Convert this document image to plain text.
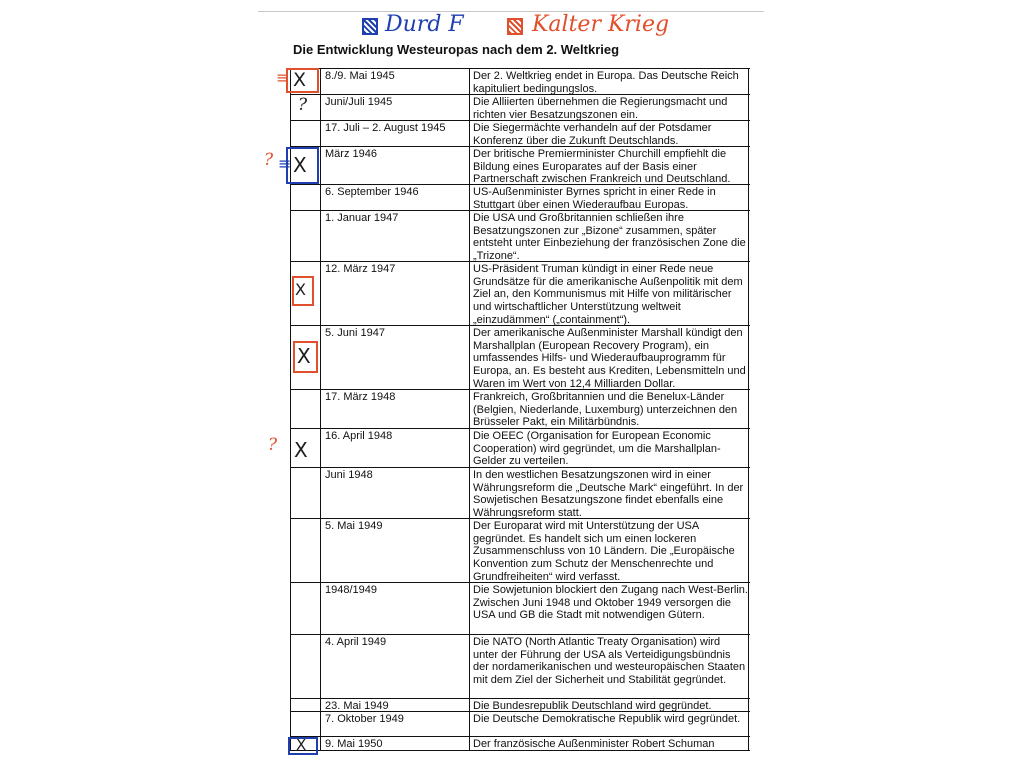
Durd F	Kalter Krieg
Die Entwicklung Westeuropas nach dem 2. Weltkrieg
8./9. Mai 1945	Der 2. Weltkrieg endet in Europa. Das Deutsche Reich kapituliert bedingungslos.
Juni/Juli 1945	Die Alliierten übernehmen die Regierungsmacht und richten vier Besatzungszonen ein.
17. Juli – 2. August 1945	Die Siegermächte verhandeln auf der Potsdamer Konferenz über die Zukunft Deutschlands.
März 1946	Der britische Premierminister Churchill empfiehlt die Bildung eines Europarates auf der Basis einer Partnerschaft zwischen Frankreich und Deutschland.
6. September 1946	US-Außenminister Byrnes spricht in einer Rede in Stuttgart über einen Wiederaufbau Europas.
1. Januar 1947	Die USA und Großbritannien schließen ihre Besatzungszonen zur „Bizone“ zusammen, später entsteht unter Einbeziehung der französischen Zone die „Trizone“.
12. März 1947	US-Präsident Truman kündigt in einer Rede neue Grundsätze für die amerikanische Außenpolitik mit dem Ziel an, den Kommunismus mit Hilfe von militärischer und wirtschaftlicher Unterstützung weltweit „einzudämmen“ („containment“).
5. Juni 1947	Der amerikanische Außenminister Marshall kündigt den Marshallplan (European Recovery Program), ein umfassendes Hilfs- und Wiederaufbauprogramm für Europa, an. Es besteht aus Krediten, Lebensmitteln und Waren im Wert von 12,4 Milliarden Dollar.
17. März 1948	Frankreich, Großbritannien und die Benelux-Länder (Belgien, Niederlande, Luxemburg) unterzeichnen den Brüsseler Pakt, ein Militärbündnis.
16. April 1948	Die OEEC (Organisation for European Economic Cooperation) wird gegründet, um die Marshallplan-Gelder zu verteilen.
Juni 1948	In den westlichen Besatzungszonen wird in einer Währungsreform die „Deutsche Mark“ eingeführt. In der Sowjetischen Besatzungszone findet ebenfalls eine Währungsreform statt.
5. Mai 1949	Der Europarat wird mit Unterstützung der USA gegründet. Es handelt sich um einen lockeren Zusammenschluss von 10 Ländern. Die „Europäische Konvention zum Schutz der Menschenrechte und Grundfreiheiten“ wird verfasst.
1948/1949	Die Sowjetunion blockiert den Zugang nach West-Berlin. Zwischen Juni 1948 und Oktober 1949 versorgen die USA und GB die Stadt mit notwendigen Gütern.
4. April 1949	Die NATO (North Atlantic Treaty Organisation) wird unter der Führung der USA als Verteidigungsbündnis der nordamerikanischen und westeuropäischen Staaten mit dem Ziel der Sicherheit und Stabilität gegründet.
23. Mai 1949	Die Bundesrepublik Deutschland wird gegründet.
7. Oktober 1949	Die Deutsche Demokratische Republik wird gegründet.
9. Mai 1950	Der französische Außenminister Robert Schuman
X
≡
?
X
≡
?
X
X
X
?
X
